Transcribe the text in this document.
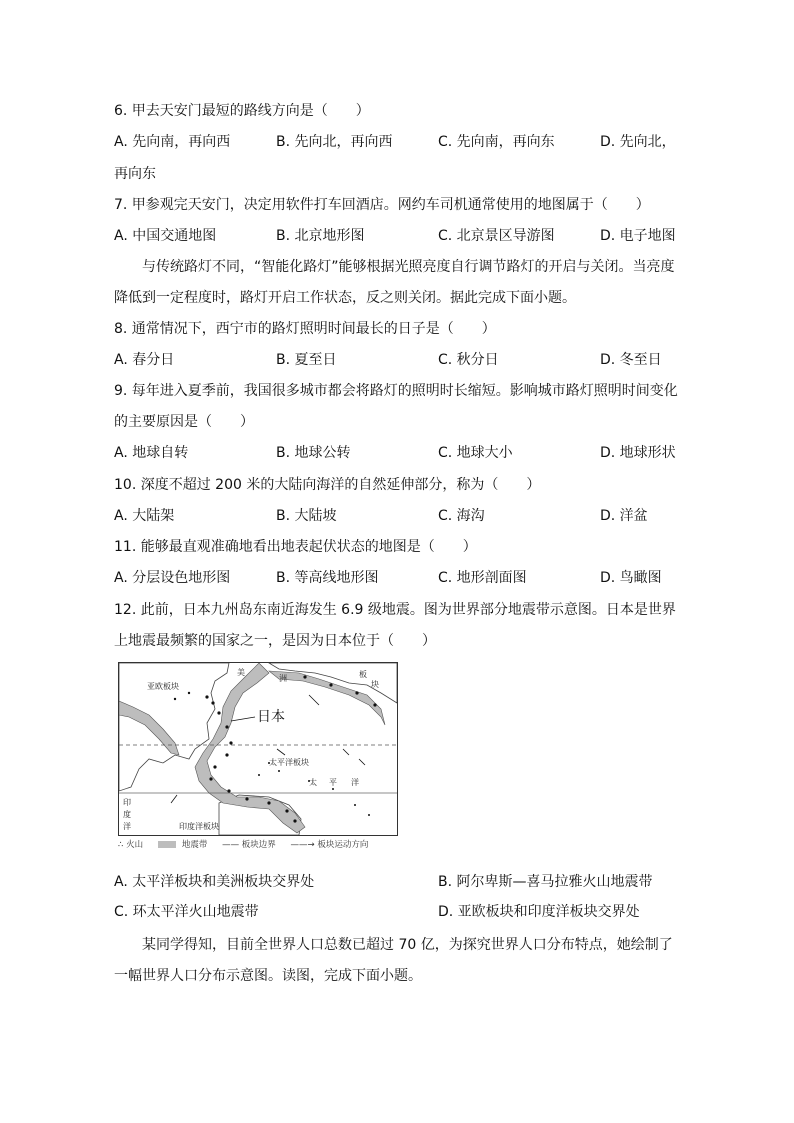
6. 甲去天安门最短的路线方向是（　　）
A. 先向南，再向西	B. 先向北，再向西	C. 先向南，再向东	D. 先向北，
再向东
7. 甲参观完天安门，决定用软件打车回酒店。网约车司机通常使用的地图属于（　　）
A. 中国交通地图	B. 北京地形图	C. 北京景区导游图	D. 电子地图
与传统路灯不同，“智能化路灯”能够根据光照亮度自行调节路灯的开启与关闭。当亮度降低到一定程度时，路灯开启工作状态，反之则关闭。据此完成下面小题。
8. 通常情况下，西宁市的路灯照明时间最长的日子是（　　）
A. 春分日	B. 夏至日	C. 秋分日	D. 冬至日
9. 每年进入夏季前，我国很多城市都会将路灯的照明时长缩短。影响城市路灯照明时间变化
的主要原因是（　　）
A. 地球自转	B. 地球公转	C. 地球大小	D. 地球形状
10. 深度不超过 200 米的大陆向海洋的自然延伸部分，称为（　　）
A. 大陆架	B. 大陆坡	C. 海沟	D. 洋盆
11. 能够最直观准确地看出地表起伏状态的地图是（　　）
A. 分层设色地形图	B. 等高线地形图	C. 地形剖面图	D. 鸟瞰图
12. 此前，日本九州岛东南近海发生 6.9 级地震。图为世界部分地震带示意图。日本是世界上地震最频繁的国家之一，是因为日本位于（　　）
亚欧板块
美
洲	板
块
太平洋板块
太 平 洋
印
度
洋	印度洋板块
日本
∴ 火山	地震带 —— 板块边界 ——→ 板块运动方向
A. 太平洋板块和美洲板块交界处	B. 阿尔卑斯—喜马拉雅火山地震带
C. 环太平洋火山地震带	D. 亚欧板块和印度洋板块交界处
某同学得知，目前全世界人口总数已超过 70 亿，为探究世界人口分布特点，她绘制了一幅世界人口分布示意图。读图，完成下面小题。
